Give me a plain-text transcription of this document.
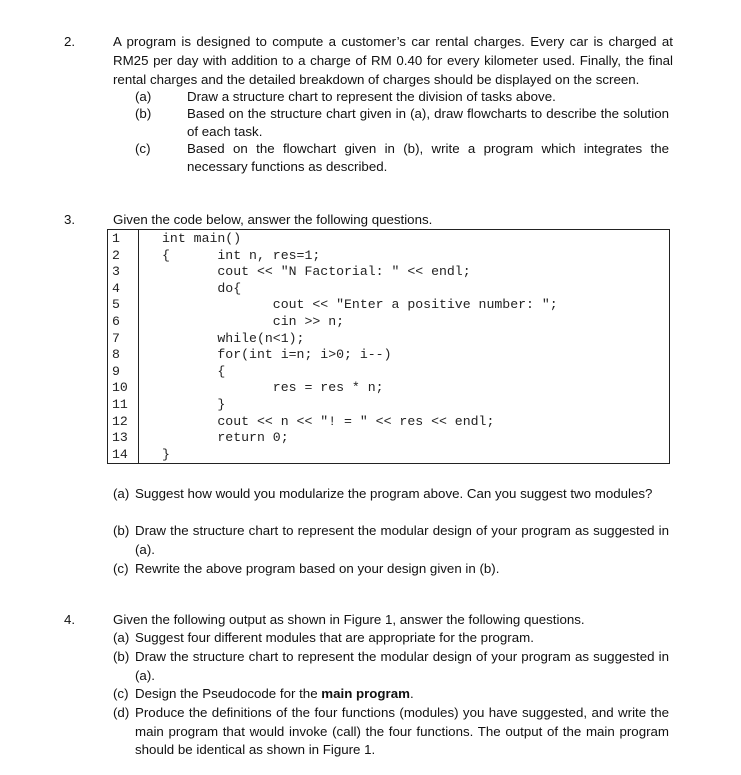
2.	A program is designed to compute a customer’s car rental charges. Every car is charged at RM25 per day with addition to a charge of RM 0.40 for every kilometer used. Finally, the final rental charges and the detailed breakdown of charges should be displayed on the screen.
(a)	Draw a structure chart to represent the division of tasks above.
(b)	Based on the structure chart given in (a), draw flowcharts to describe the solution of each task.
(c)	Based on the flowchart given in (b), write a program which integrates the necessary functions as described.
3.	Given the code below, answer the following questions.
1	int main()
2	{      int n, res=1;
3	cout << "N Factorial: " << endl;
4	do{
5	cout << "Enter a positive number: ";
6	cin >> n;
7	while(n<1);
8	for(int i=n; i>0; i--)
9	{
10	res = res * n;
11	}
12	cout << n << "! = " << res << endl;
13	return 0;
14	}
(a) Suggest how would you modularize the program above. Can you suggest two modules?
(b) Draw the structure chart to represent the modular design of your program as suggested in (a).
(c) Rewrite the above program based on your design given in (b).
4.	Given the following output as shown in Figure 1, answer the following questions.
(a) Suggest four different modules that are appropriate for the program.
(b) Draw the structure chart to represent the modular design of your program as suggested in (a).
(c) Design the Pseudocode for the main program.
(d) Produce the definitions of the four functions (modules) you have suggested, and write the main program that would invoke (call) the four functions. The output of the main program should be identical as shown in Figure 1.
